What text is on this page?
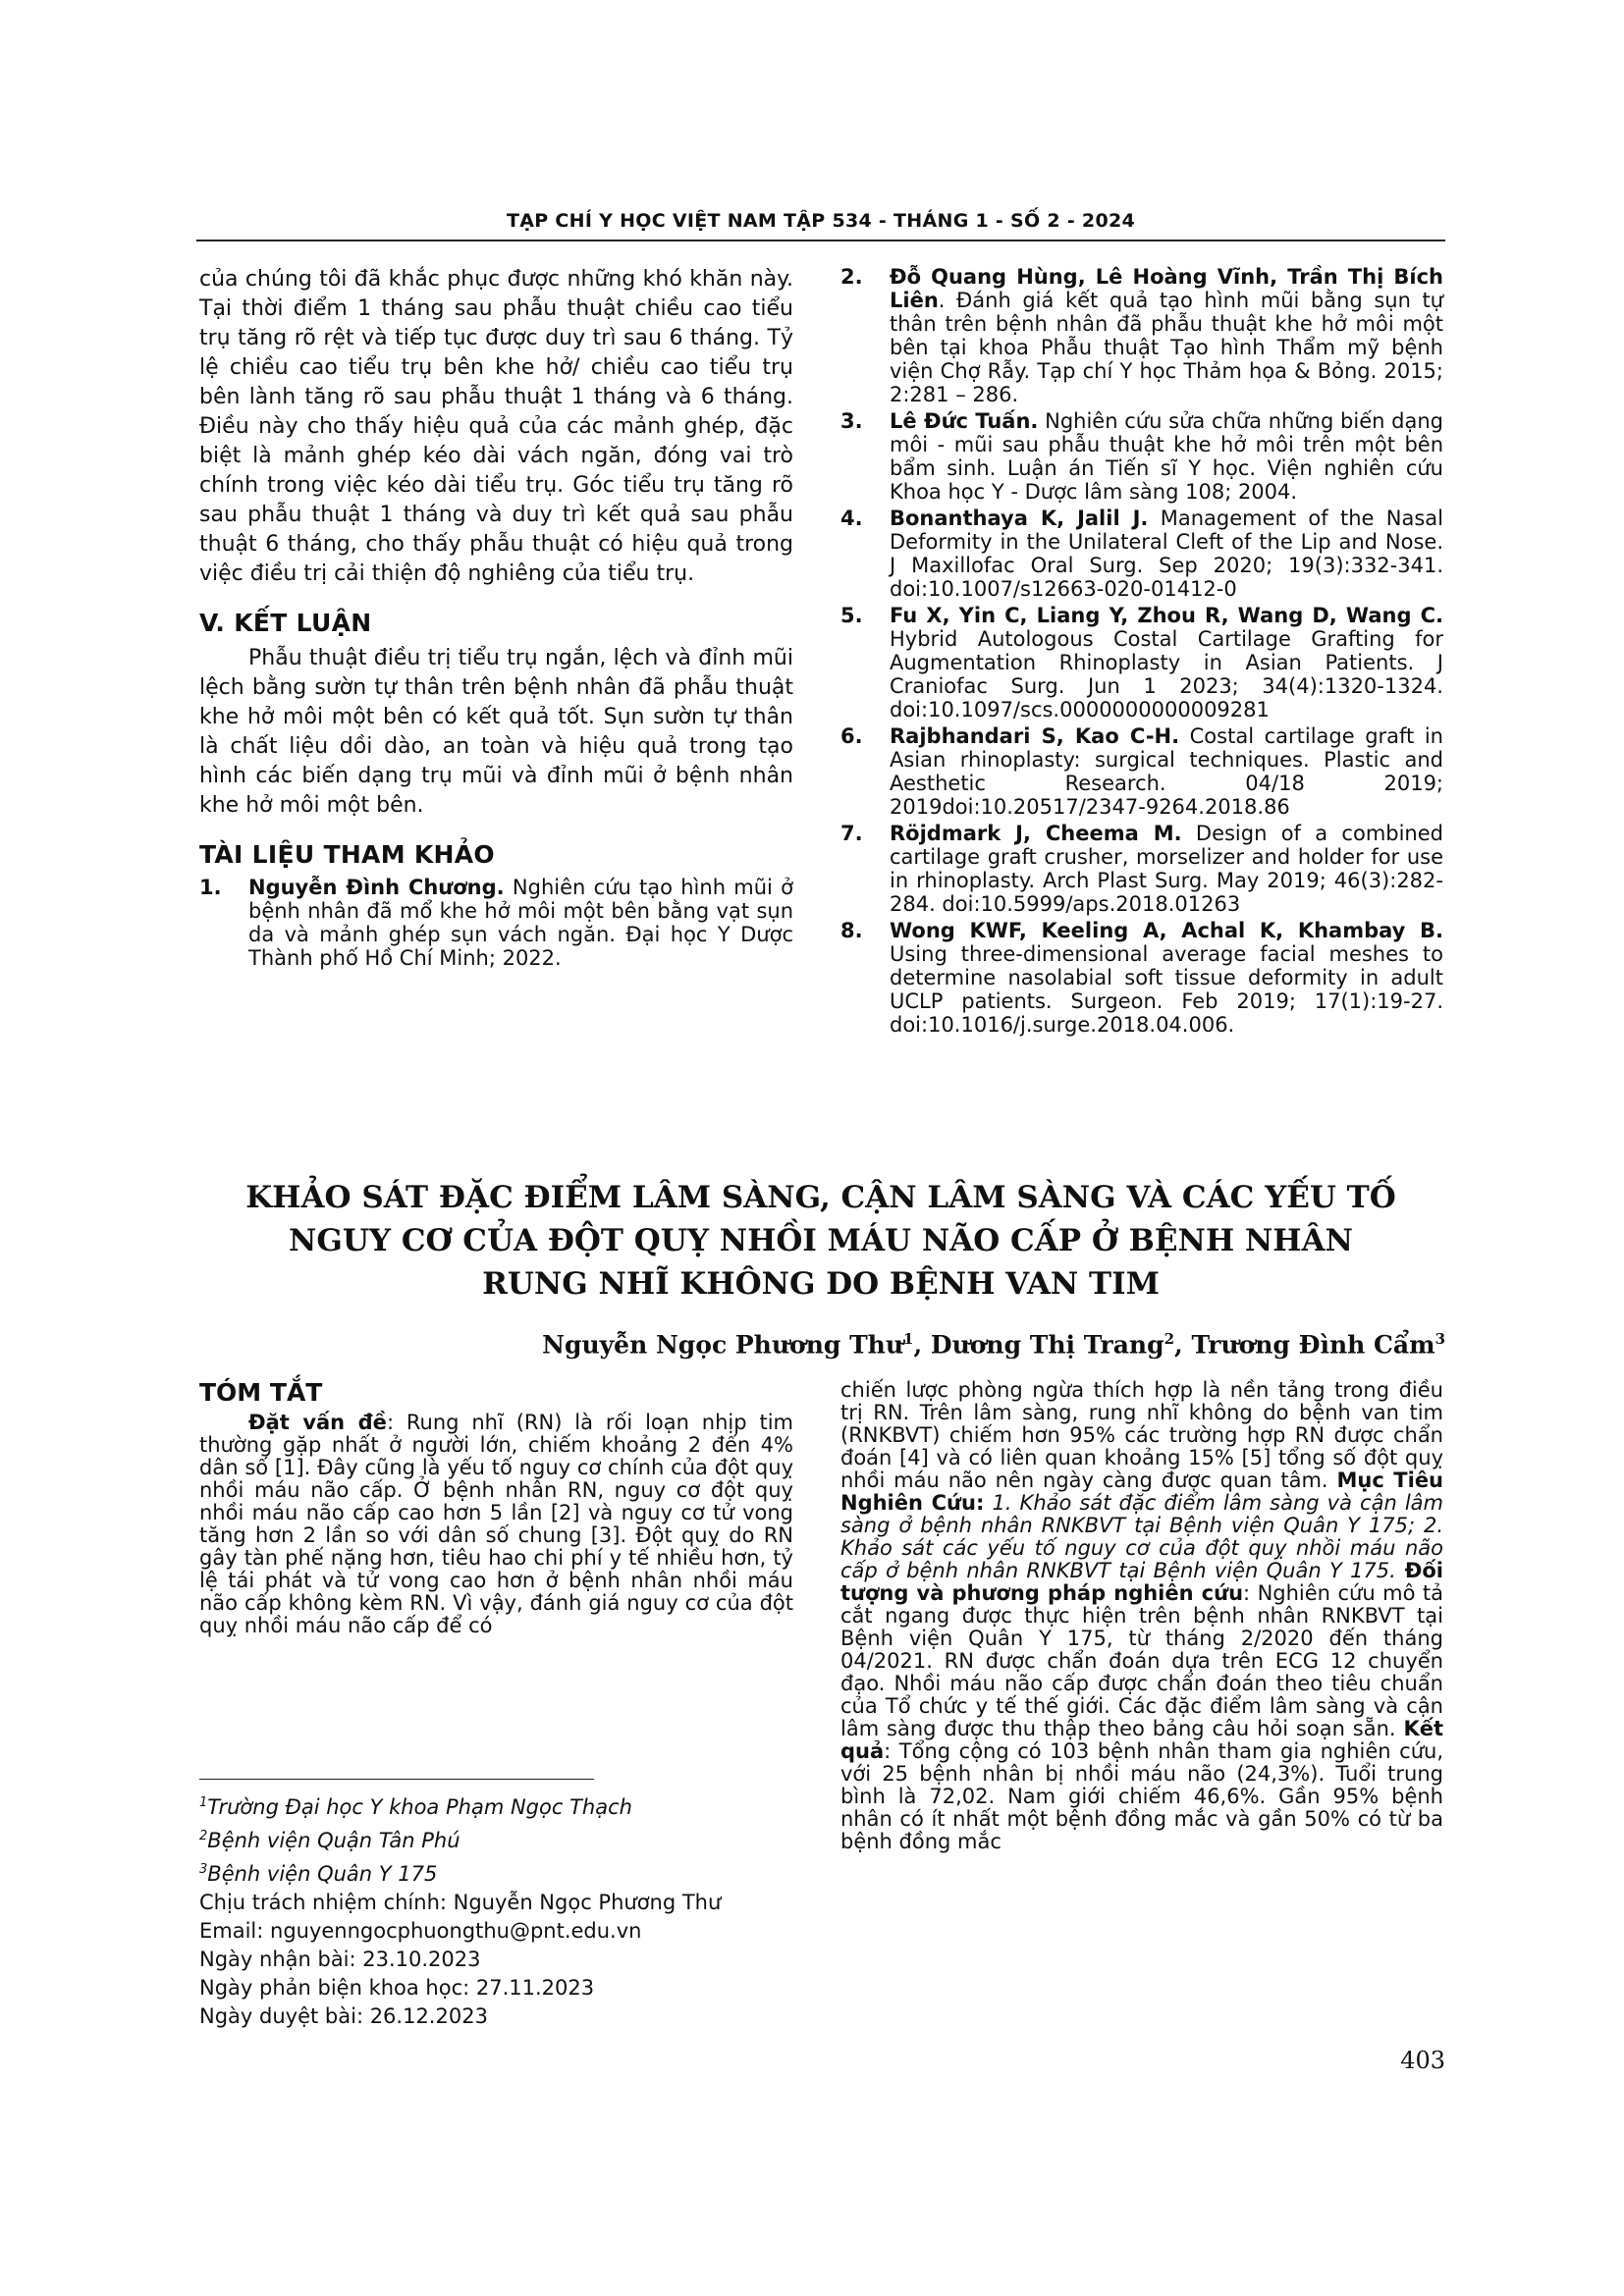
TẠP CHÍ Y HỌC VIỆT NAM TẬP 534 - THÁNG 1 - SỐ 2 - 2024

của chúng tôi đã khắc phục được những khó khăn này. Tại thời điểm 1 tháng sau phẫu thuật chiều cao tiểu trụ tăng rõ rệt và tiếp tục được duy trì sau 6 tháng. Tỷ lệ chiều cao tiểu trụ bên khe hở/ chiều cao tiểu trụ bên lành tăng rõ sau phẫu thuật 1 tháng và 6 tháng. Điều này cho thấy hiệu quả của các mảnh ghép, đặc biệt là mảnh ghép kéo dài vách ngăn, đóng vai trò chính trong việc kéo dài tiểu trụ. Góc tiểu trụ tăng rõ sau phẫu thuật 1 tháng và duy trì kết quả sau phẫu thuật 6 tháng, cho thấy phẫu thuật có hiệu quả trong việc điều trị cải thiện độ nghiêng của tiểu trụ.

V. KẾT LUẬN

Phẫu thuật điều trị tiểu trụ ngắn, lệch và đỉnh mũi lệch bằng sườn tự thân trên bệnh nhân đã phẫu thuật khe hở môi một bên có kết quả tốt. Sụn sườn tự thân là chất liệu dồi dào, an toàn và hiệu quả trong tạo hình các biến dạng trụ mũi và đỉnh mũi ở bệnh nhân khe hở môi một bên.

TÀI LIỆU THAM KHẢO
1. Nguyễn Đình Chương. Nghiên cứu tạo hình mũi ở bệnh nhân đã mổ khe hở môi một bên bằng vạt sụn da và mảnh ghép sụn vách ngăn. Đại học Y Dược Thành phố Hồ Chí Minh; 2022.
2. Đỗ Quang Hùng, Lê Hoàng Vĩnh, Trần Thị Bích Liên. Đánh giá kết quả tạo hình mũi bằng sụn tự thân trên bệnh nhân đã phẫu thuật khe hở môi một bên tại khoa Phẫu thuật Tạo hình Thẩm mỹ bệnh viện Chợ Rẫy. Tạp chí Y học Thảm họa & Bỏng. 2015; 2:281 – 286.
3. Lê Đức Tuấn. Nghiên cứu sửa chữa những biến dạng môi - mũi sau phẫu thuật khe hở môi trên một bên bẩm sinh. Luận án Tiến sĩ Y học. Viện nghiên cứu Khoa học Y - Dược lâm sàng 108; 2004.
4. Bonanthaya K, Jalil J. Management of the Nasal Deformity in the Unilateral Cleft of the Lip and Nose. J Maxillofac Oral Surg. Sep 2020; 19(3):332-341. doi:10.1007/s12663-020-01412-0
5. Fu X, Yin C, Liang Y, Zhou R, Wang D, Wang C. Hybrid Autologous Costal Cartilage Grafting for Augmentation Rhinoplasty in Asian Patients. J Craniofac Surg. Jun 1 2023; 34(4):1320-1324. doi:10.1097/scs.0000000000009281
6. Rajbhandari S, Kao C-H. Costal cartilage graft in Asian rhinoplasty: surgical techniques. Plastic and Aesthetic Research. 04/18 2019; 2019doi:10.20517/2347-9264.2018.86
7. Röjdmark J, Cheema M. Design of a combined cartilage graft crusher, morselizer and holder for use in rhinoplasty. Arch Plast Surg. May 2019; 46(3):282-284. doi:10.5999/aps.2018.01263
8. Wong KWF, Keeling A, Achal K, Khambay B. Using three-dimensional average facial meshes to determine nasolabial soft tissue deformity in adult UCLP patients. Surgeon. Feb 2019; 17(1):19-27. doi:10.1016/j.surge.2018.04.006.
KHẢO SÁT ĐẶC ĐIỂM LÂM SÀNG, CẬN LÂM SÀNG VÀ CÁC YẾU TỐ
NGUY CƠ CỦA ĐỘT QUỴ NHỒI MÁU NÃO CẤP Ở BỆNH NHÂN
RUNG NHĨ KHÔNG DO BỆNH VAN TIM
Nguyễn Ngọc Phương Thư$^1$, Dương Thị Trang$^2$, Trương Đình Cẩm$^3$
TÓM TẮT

Đặt vấn đề: Rung nhĩ (RN) là rối loạn nhịp tim thường gặp nhất ở người lớn, chiếm khoảng 2 đến 4% dân số [1]. Đây cũng là yếu tố nguy cơ chính của đột quỵ nhồi máu não cấp. Ở bệnh nhân RN, nguy cơ đột quỵ nhồi máu não cấp cao hơn 5 lần [2] và nguy cơ tử vong tăng hơn 2 lần so với dân số chung [3]. Đột quỵ do RN gây tàn phế nặng hơn, tiêu hao chi phí y tế nhiều hơn, tỷ lệ tái phát và tử vong cao hơn ở bệnh nhân nhồi máu não cấp không kèm RN. Vì vậy, đánh giá nguy cơ của đột quỵ nhồi máu não cấp để có

chiến lược phòng ngừa thích hợp là nền tảng trong điều trị RN. Trên lâm sàng, rung nhĩ không do bệnh van tim (RNKBVT) chiếm hơn 95% các trường hợp RN được chẩn đoán [4] và có liên quan khoảng 15% [5] tổng số đột quỵ nhồi máu não nên ngày càng được quan tâm. Mục Tiêu Nghiên Cứu: 1. Khảo sát đặc điểm lâm sàng và cận lâm sàng ở bệnh nhân RNKBVT tại Bệnh viện Quân Y 175; 2. Khảo sát các yếu tố nguy cơ của đột quỵ nhồi máu não cấp ở bệnh nhân RNKBVT tại Bệnh viện Quân Y 175. Đối tượng và phương pháp nghiên cứu: Nghiên cứu mô tả cắt ngang được thực hiện trên bệnh nhân RNKBVT tại Bệnh viện Quân Y 175, từ tháng 2/2020 đến tháng 04/2021. RN được chẩn đoán dựa trên ECG 12 chuyển đạo. Nhồi máu não cấp được chẩn đoán theo tiêu chuẩn của Tổ chức y tế thế giới. Các đặc điểm lâm sàng và cận lâm sàng được thu thập theo bảng câu hỏi soạn sẵn. Kết quả: Tổng cộng có 103 bệnh nhân tham gia nghiên cứu, với 25 bệnh nhân bị nhồi máu não (24,3%). Tuổi trung bình là 72,02. Nam giới chiếm 46,6%. Gần 95% bệnh nhân có ít nhất một bệnh đồng mắc và gần 50% có từ ba bệnh đồng mắc

$^1$Trường Đại học Y khoa Phạm Ngọc Thạch
$^2$Bệnh viện Quận Tân Phú
$^3$Bệnh viện Quân Y 175
Chịu trách nhiệm chính: Nguyễn Ngọc Phương Thư
Email: nguyenngocphuongthu@pnt.edu.vn
Ngày nhận bài: 23.10.2023
Ngày phản biện khoa học: 27.11.2023
Ngày duyệt bài: 26.12.2023
403
